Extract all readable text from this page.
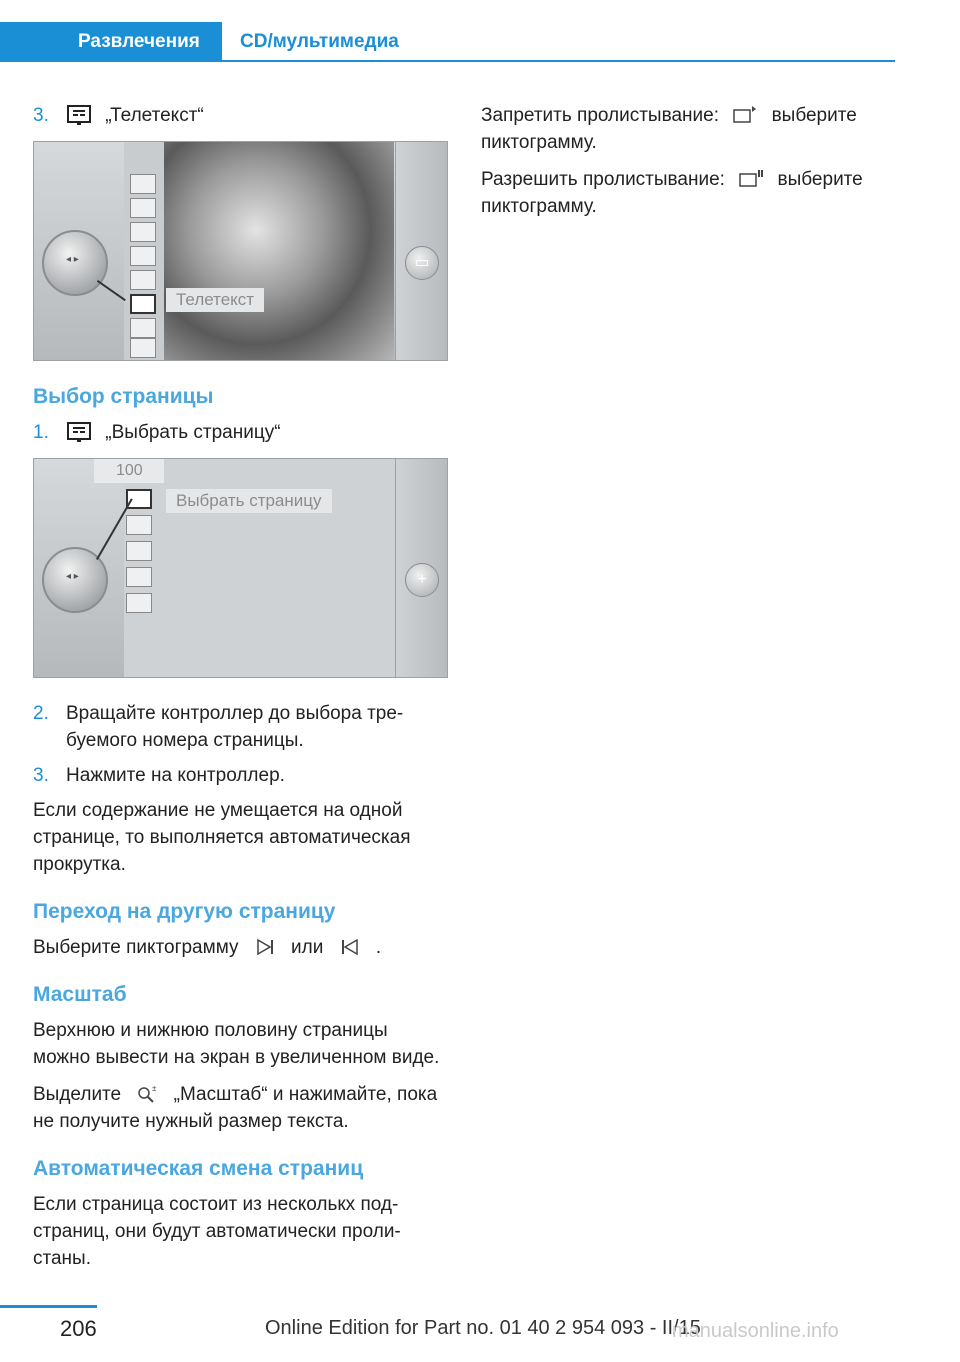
Развлечения	CD/мультимедиа
3.	„Телетекст“
◂ ▸	▭
Телетекст
Выбор страницы
1.	„Выбрать страницу“
100
◂ ▸	+
Выбрать страницу
2. Вращайте контроллер до выбора тре-буемого номера страницы.
3. Нажмите на контроллер.

Если содержание не умещается на одной странице, то выполняется автоматическая прокрутка.

Переход на другую страницу

Выберите пиктограмму	или	.

Масштаб

Верхнюю и нижнюю половину страницы можно вывести на экран в увеличенном виде.

Выделите	± „Масштаб“ и нажимайте, пока не получите нужный размер текста.

Автоматическая смена страниц

Если страница состоит из несколькх под-страниц, они будут автоматически проли-станы.

Запретить пролистывание:	выберите пиктограмму.

Разрешить пролистывание:	выберите пиктограмму.

206	Online Edition for Part no. 01 40 2 954 093 - II/15
manualsonline.info
